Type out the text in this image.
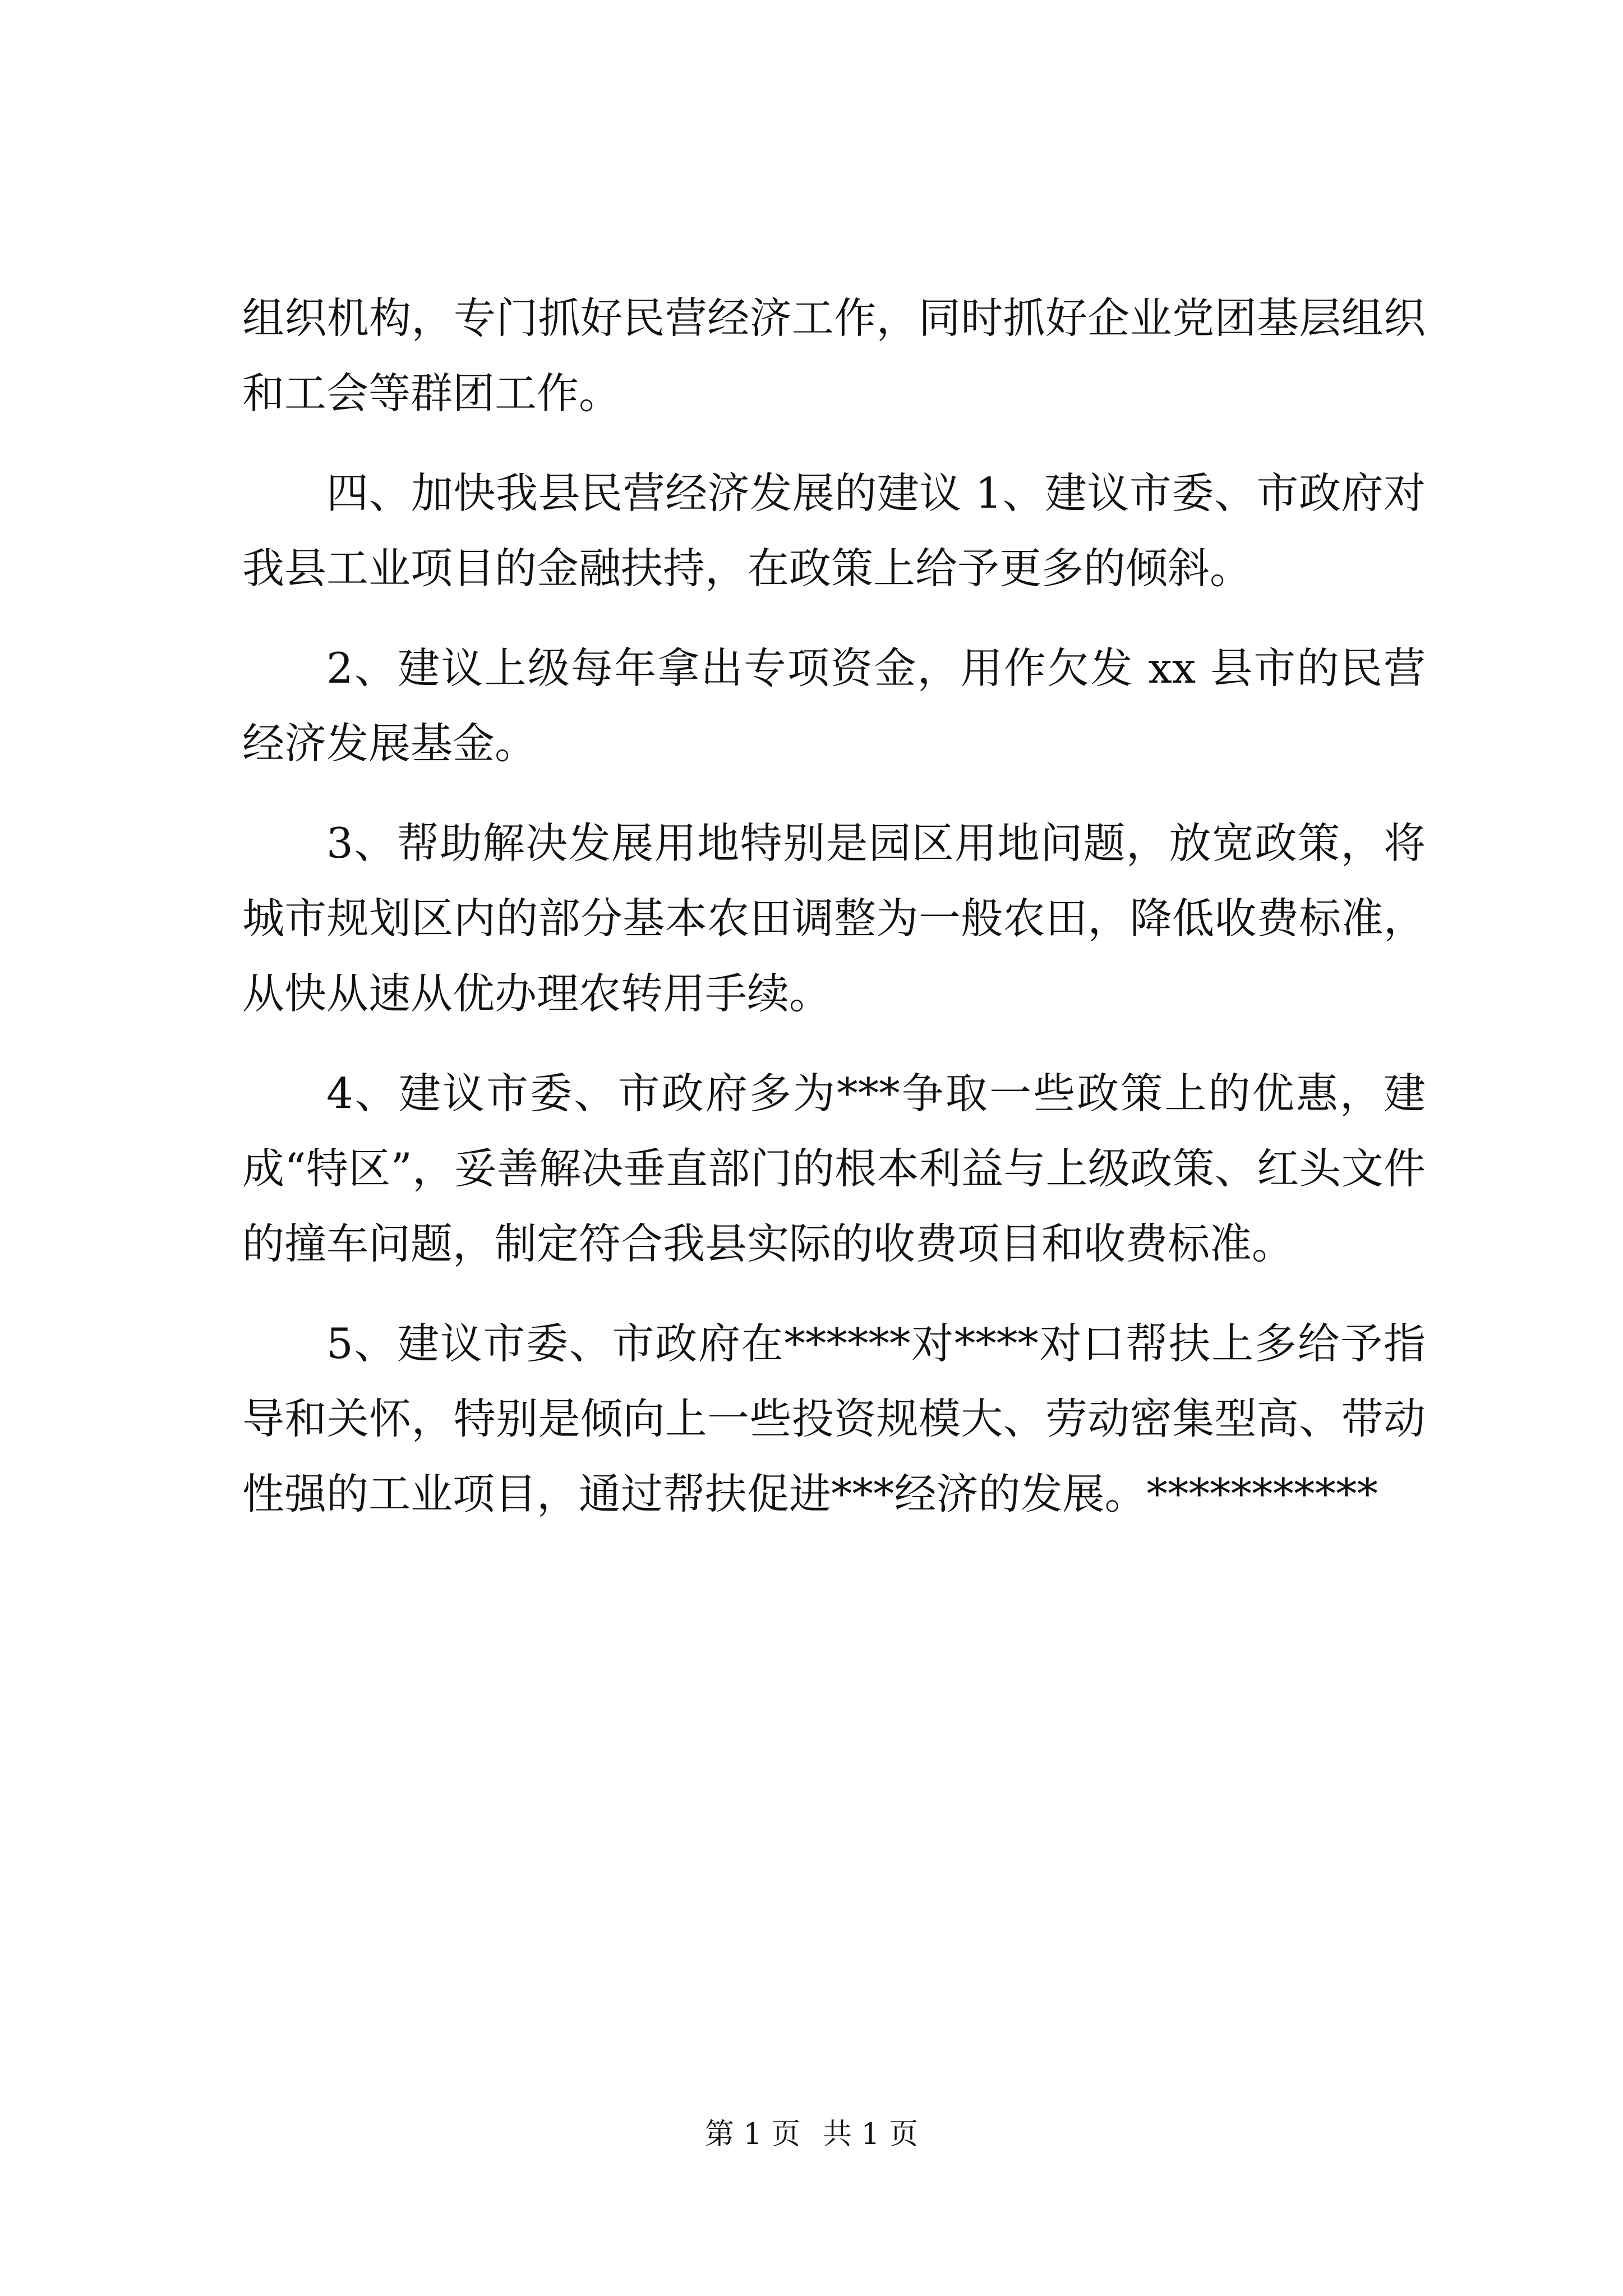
组织机构，专门抓好民营经济工作，同时抓好企业党团基层组织和工会等群团工作。

四、加快我县民营经济发展的建议 1、建议市委、市政府对我县工业项目的金融扶持，在政策上给予更多的倾斜。

2、建议上级每年拿出专项资金，用作欠发 xx 县市的民营经济发展基金。

3、帮助解决发展用地特别是园区用地问题，放宽政策，将城市规划区内的部分基本农田调整为一般农田，降低收费标准，从快从速从优办理农转用手续。

4、建议市委、市政府多为***争取一些政策上的优惠，建成“特区”，妥善解决垂直部门的根本利益与上级政策、红头文件的撞车问题，制定符合我县实际的收费项目和收费标准。

5、建议市委、市政府在******对****对口帮扶上多给予指导和关怀，特别是倾向上一些投资规模大、劳动密集型高、带动性强的工业项目，通过帮扶促进***经济的发展。***********

第 1 页 共 1 页
